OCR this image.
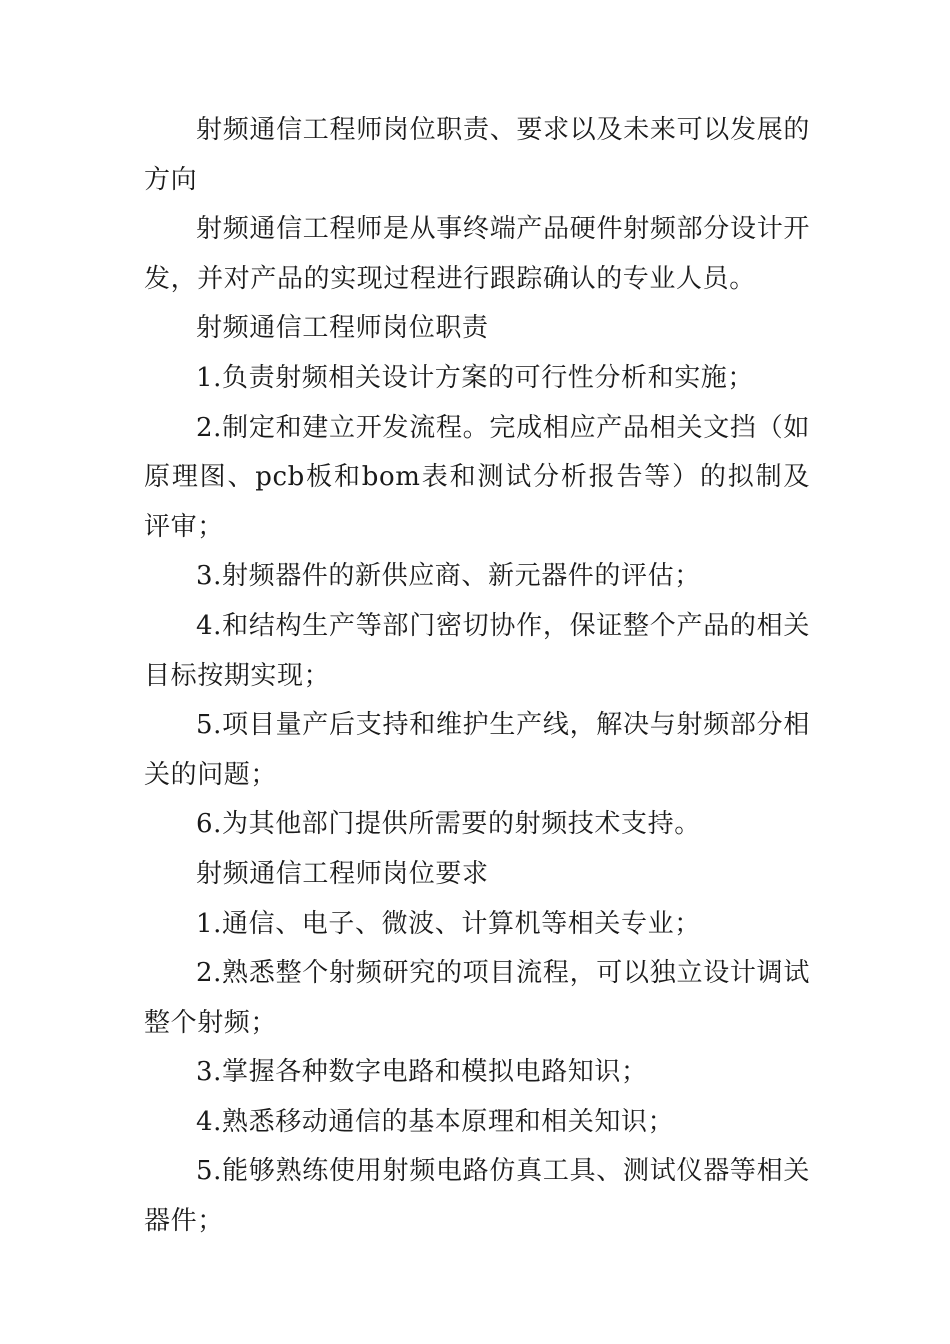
射频通信工程师岗位职责、要求以及未来可以发展的方向

射频通信工程师是从事终端产品硬件射频部分设计开发，并对产品的实现过程进行跟踪确认的专业人员。

射频通信工程师岗位职责

1.负责射频相关设计方案的可行性分析和实施；

2.制定和建立开发流程。完成相应产品相关文挡（如原理图、pcb板和bom表和测试分析报告等）的拟制及评审；

3.射频器件的新供应商、新元器件的评估；

4.和结构生产等部门密切协作，保证整个产品的相关目标按期实现；

5.项目量产后支持和维护生产线，解决与射频部分相关的问题；

6.为其他部门提供所需要的射频技术支持。

射频通信工程师岗位要求

1.通信、电子、微波、计算机等相关专业；

2.熟悉整个射频研究的项目流程，可以独立设计调试整个射频；

3.掌握各种数字电路和模拟电路知识；

4.熟悉移动通信的基本原理和相关知识；

5.能够熟练使用射频电路仿真工具、测试仪器等相关器件；
